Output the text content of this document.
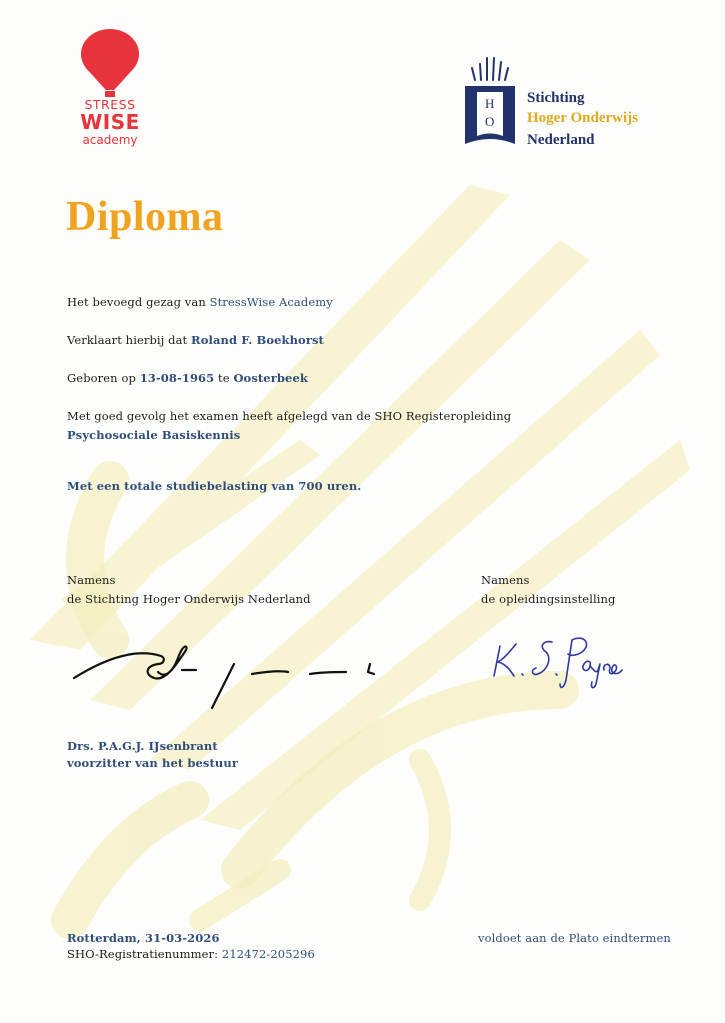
STRESS
WISE
academy
H
O
Stichting
Hoger Onderwijs
Nederland
Diploma
Het bevoegd gezag van StressWise Academy
Verklaart hierbij dat Roland F. Boekhorst
Geboren op 13-08-1965 te Oosterbeek
Met goed gevolg het examen heeft afgelegd van de SHO Registeropleiding
Psychosociale Basiskennis
Met een totale studiebelasting van 700 uren.
Namens
de Stichting Hoger Onderwijs Nederland
Drs. P.A.G.J. IJsenbrant
voorzitter van het bestuur
Namens
de opleidingsinstelling
Rotterdam, 31-03-2026
SHO-Registratienummer: 212472-205296
voldoet aan de Plato eindtermen
